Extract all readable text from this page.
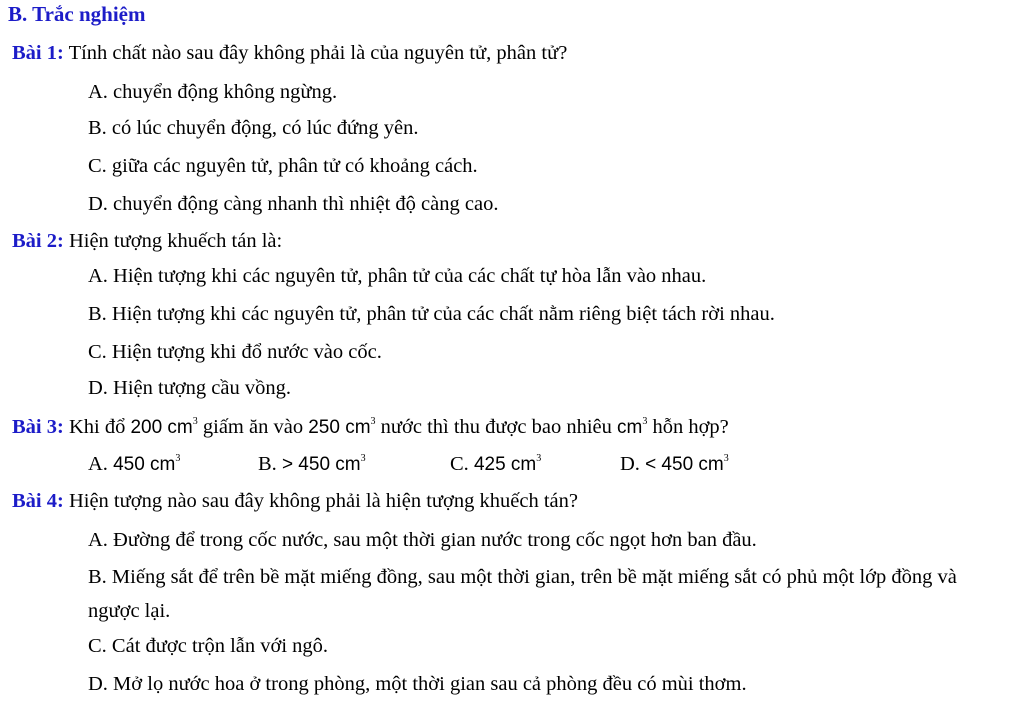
B. Trắc nghiệm
Bài 1: Tính chất nào sau đây không phải là của nguyên tử, phân tử?
A. chuyển động không ngừng.
B. có lúc chuyển động, có lúc đứng yên.
C. giữa các nguyên tử, phân tử có khoảng cách.
D. chuyển động càng nhanh thì nhiệt độ càng cao.
Bài 2: Hiện tượng khuếch tán là:
A. Hiện tượng khi các nguyên tử, phân tử của các chất tự hòa lẫn vào nhau.
B. Hiện tượng khi các nguyên tử, phân tử của các chất nằm riêng biệt tách rời nhau.
C. Hiện tượng khi đổ nước vào cốc.
D. Hiện tượng cầu vồng.
Bài 3: Khi đổ 200 $cm^3$ giấm ăn vào 250 $cm^3$ nước thì thu được bao nhiêu $cm^3$ hỗn hợp?
A. 450 $cm^3$	B. > 450 $cm^3$	C. 425 $cm^3$	D. < 450 $cm^3$
Bài 4: Hiện tượng nào sau đây không phải là hiện tượng khuếch tán?
A. Đường để trong cốc nước, sau một thời gian nước trong cốc ngọt hơn ban đầu.
B. Miếng sắt để trên bề mặt miếng đồng, sau một thời gian, trên bề mặt miếng sắt có phủ một lớp đồng và ngược lại.
C. Cát được trộn lẫn với ngô.
D. Mở lọ nước hoa ở trong phòng, một thời gian sau cả phòng đều có mùi thơm.
